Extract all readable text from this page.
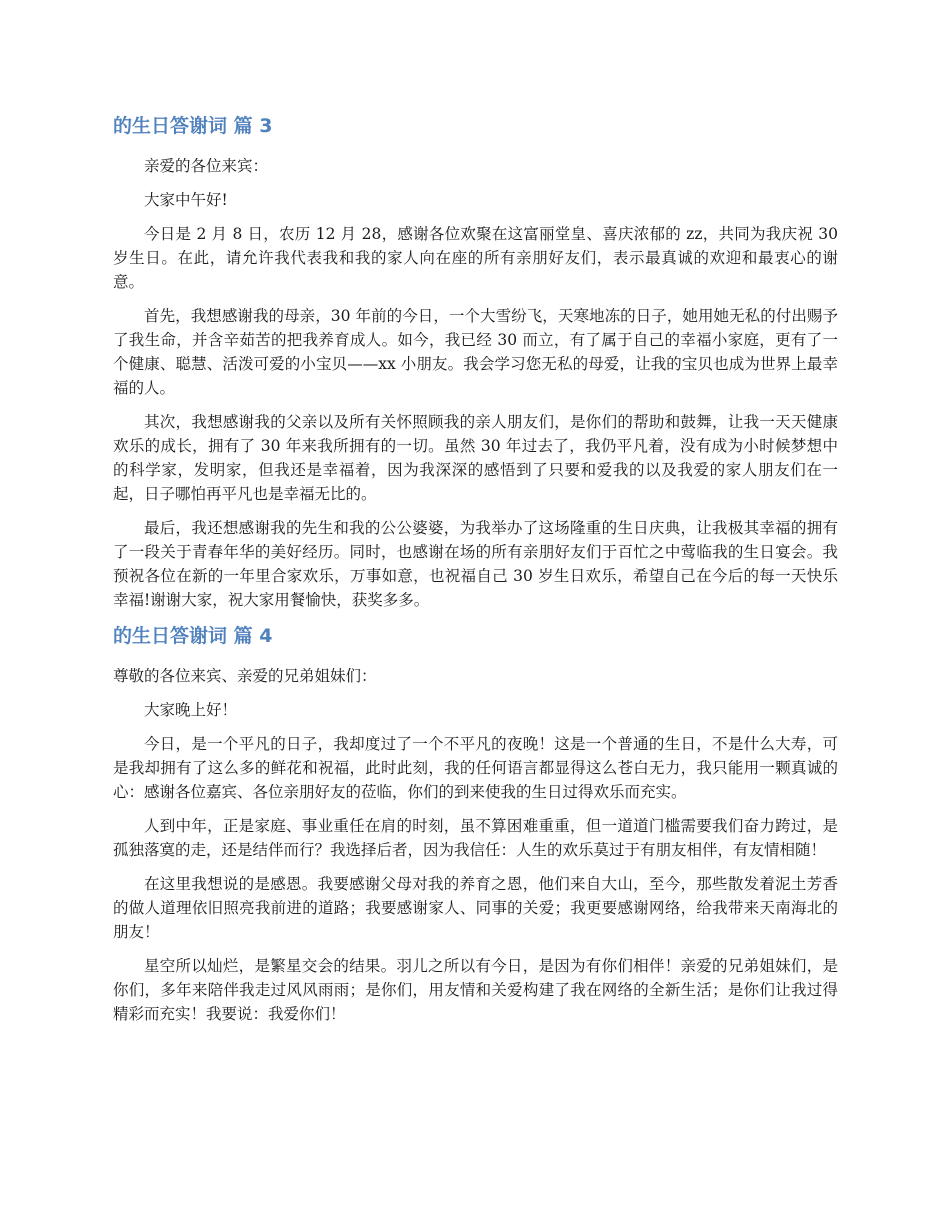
的生日答谢词 篇 3

亲爱的各位来宾：

大家中午好!

今日是 2 月 8 日，农历 12 月 28，感谢各位欢聚在这富丽堂皇、喜庆浓郁的 zz，共同为我庆祝 30 岁生日。在此，请允许我代表我和我的家人向在座的所有亲朋好友们，表示最真诚的欢迎和最衷心的谢意。

首先，我想感谢我的母亲，30 年前的今日，一个大雪纷飞，天寒地冻的日子，她用她无私的付出赐予了我生命，并含辛茹苦的把我养育成人。如今，我已经 30 而立，有了属于自己的幸福小家庭，更有了一个健康、聪慧、活泼可爱的小宝贝——xx 小朋友。我会学习您无私的母爱，让我的宝贝也成为世界上最幸福的人。

其次，我想感谢我的父亲以及所有关怀照顾我的亲人朋友们，是你们的帮助和鼓舞，让我一天天健康欢乐的成长，拥有了 30 年来我所拥有的一切。虽然 30 年过去了，我仍平凡着，没有成为小时候梦想中的科学家，发明家，但我还是幸福着，因为我深深的感悟到了只要和爱我的以及我爱的家人朋友们在一起，日子哪怕再平凡也是幸福无比的。

最后，我还想感谢我的先生和我的公公婆婆，为我举办了这场隆重的生日庆典，让我极其幸福的拥有了一段关于青春年华的美好经历。同时，也感谢在场的所有亲朋好友们于百忙之中莺临我的生日宴会。我预祝各位在新的一年里合家欢乐，万事如意，也祝福自己 30 岁生日欢乐，希望自己在今后的每一天快乐幸福!谢谢大家，祝大家用餐愉快，获奖多多。

的生日答谢词 篇 4

尊敬的各位来宾、亲爱的兄弟姐妹们：

大家晚上好！

今日，是一个平凡的日子，我却度过了一个不平凡的夜晚！这是一个普通的生日，不是什么大寿，可是我却拥有了这么多的鲜花和祝福，此时此刻，我的任何语言都显得这么苍白无力，我只能用一颗真诚的心：感谢各位嘉宾、各位亲朋好友的莅临，你们的到来使我的生日过得欢乐而充实。

人到中年，正是家庭、事业重任在肩的时刻，虽不算困难重重，但一道道门槛需要我们奋力跨过，是孤独落寞的走，还是结伴而行？我选择后者，因为我信任：人生的欢乐莫过于有朋友相伴，有友情相随！

在这里我想说的是感恩。我要感谢父母对我的养育之恩，他们来自大山，至今，那些散发着泥土芳香的做人道理依旧照亮我前进的道路；我要感谢家人、同事的关爱；我更要感谢网络，给我带来天南海北的朋友！

星空所以灿烂，是繁星交会的结果。羽儿之所以有今日，是因为有你们相伴！亲爱的兄弟姐妹们，是你们，多年来陪伴我走过风风雨雨；是你们，用友情和关爱构建了我在网络的全新生活；是你们让我过得精彩而充实！我要说：我爱你们！
